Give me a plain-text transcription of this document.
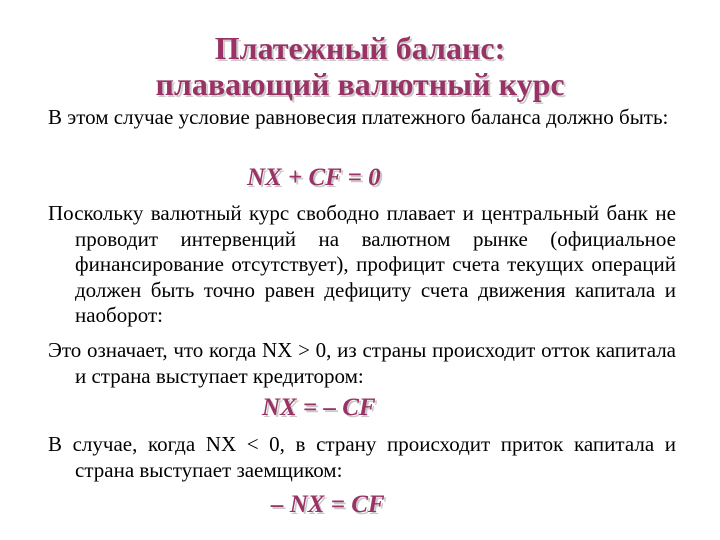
Платежный баланс:
плавающий валютный курс
В этом случае условие равновесия платежного баланса должно быть:
NX + CF = 0
Поскольку валютный курс свободно плавает и центральный банк не проводит интервенций на валютном рынке (официальное финансирование отсутствует), профицит счета текущих операций должен быть точно равен дефициту счета движения капитала и наоборот:
Это означает, что когда NX > 0, из страны происходит отток капитала и страна выступает кредитором:
NX = – CF
В случае, когда NX < 0, в страну происходит приток капитала и страна выступает заемщиком:
– NX = CF
